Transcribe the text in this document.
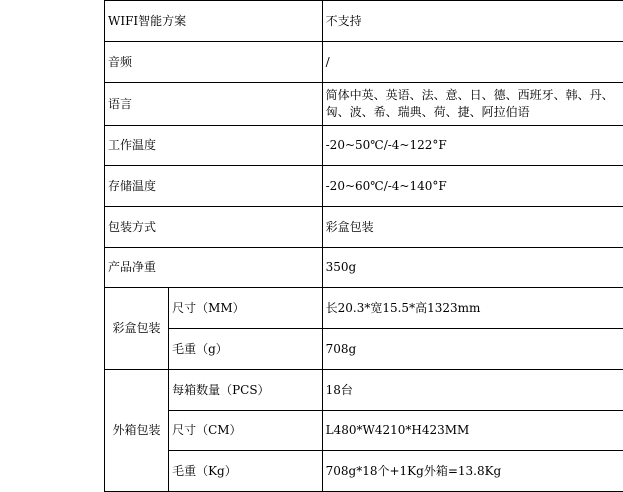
WIFI智能方案		不支持
音频		/
语言		简体中英、英语、法、意、日、德、西班牙、韩、丹、匈、波、希、瑞典、荷、捷、阿拉伯语
工作温度		-20~50℃/-4~122°F
存储温度		-20~60℃/-4~140°F
包装方式		彩盒包装
产品净重		350g
彩盒包装	尺寸（MM）	长20.3*宽15.5*高1323mm
	毛重（g）	708g
外箱包装	每箱数量（PCS）	18台
	尺寸（CM）	L480*W4210*H423MM
	毛重（Kg）	708g*18个+1Kg外箱=13.8Kg
